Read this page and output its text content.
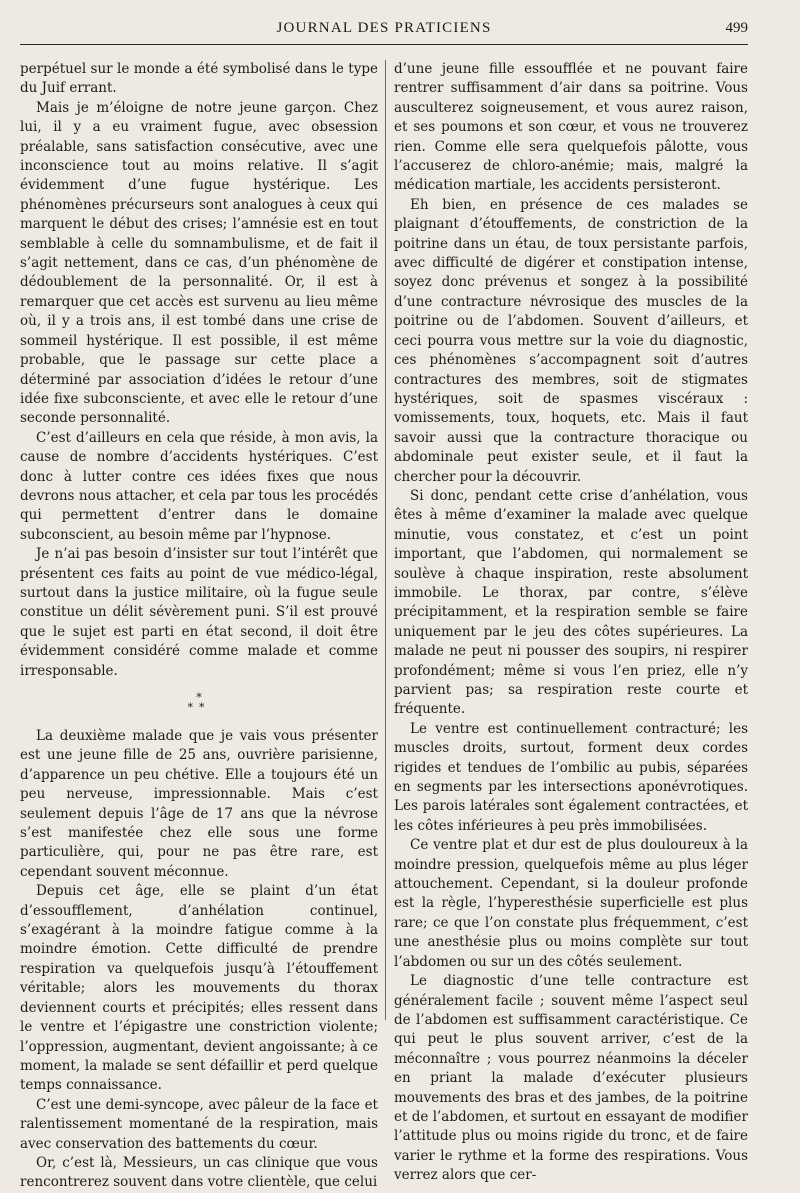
JOURNAL DES PRATICIENS	499

perpétuel sur le monde a été symbolisé dans le type du Juif errant.

Mais je m’éloigne de notre jeune garçon. Chez lui, il y a eu vraiment fugue, avec obsession préalable, sans satisfaction consécutive, avec une inconscience tout au moins relative. Il s’agit évidemment d’une fugue hystérique. Les phénomènes précurseurs sont analogues à ceux qui marquent le début des crises; l’amnésie est en tout semblable à celle du somnambulisme, et de fait il s’agit nettement, dans ce cas, d’un phénomène de dédoublement de la personnalité. Or, il est à remarquer que cet accès est survenu au lieu même où, il y a trois ans, il est tombé dans une crise de sommeil hystérique. Il est possible, il est même probable, que le passage sur cette place a déterminé par association d’idées le retour d’une idée fixe subconsciente, et avec elle le retour d’une seconde personnalité.

C’est d’ailleurs en cela que réside, à mon avis, la cause de nombre d’accidents hystériques. C’est donc à lutter contre ces idées fixes que nous devrons nous attacher, et cela par tous les procédés qui permettent d’entrer dans le domaine subconscient, au besoin même par l’hypnose.

Je n’ai pas besoin d’insister sur tout l’intérêt que présentent ces faits au point de vue médico-légal, surtout dans la justice militaire, où la fugue seule constitue un délit sévèrement puni. S’il est prouvé que le sujet est parti en état second, il doit être évidemment considéré comme malade et comme irresponsable.

*
**

La deuxième malade que je vais vous présenter est une jeune fille de 25 ans, ouvrière parisienne, d’apparence un peu chétive. Elle a toujours été un peu nerveuse, impressionnable. Mais c’est seulement depuis l’âge de 17 ans que la névrose s’est manifestée chez elle sous une forme particulière, qui, pour ne pas être rare, est cependant souvent méconnue.

Depuis cet âge, elle se plaint d’un état d’essoufflement, d’anhélation continuel, s’exagérant à la moindre fatigue comme à la moindre émotion. Cette difficulté de prendre respiration va quelquefois jusqu’à l’étouffement véritable; alors les mouvements du thorax deviennent courts et précipités; elles ressent dans le ventre et l’épigastre une constriction violente; l’oppression, augmentant, devient angoissante; à ce moment, la malade se sent défaillir et perd quelque temps connaissance.

C’est une demi-syncope, avec pâleur de la face et ralentissement momentané de la respiration, mais avec conservation des battements du cœur.

Or, c’est là, Messieurs, un cas clinique que vous rencontrerez souvent dans votre clientèle, que celui

d’une jeune fille essoufflée et ne pouvant faire rentrer suffisamment d’air dans sa poitrine. Vous ausculterez soigneusement, et vous aurez raison, et ses poumons et son cœur, et vous ne trouverez rien. Comme elle sera quelquefois pâlotte, vous l’accuserez de chloro-anémie; mais, malgré la médication martiale, les accidents persisteront.

Eh bien, en présence de ces malades se plaignant d’étouffements, de constriction de la poitrine dans un étau, de toux persistante parfois, avec difficulté de digérer et constipation intense, soyez donc prévenus et songez à la possibilité d’une contracture névrosique des muscles de la poitrine ou de l’abdomen. Souvent d’ailleurs, et ceci pourra vous mettre sur la voie du diagnostic, ces phénomènes s’accompagnent soit d’autres contractures des membres, soit de stigmates hystériques, soit de spasmes viscéraux : vomissements, toux, hoquets, etc. Mais il faut savoir aussi que la contracture thoracique ou abdominale peut exister seule, et il faut la chercher pour la découvrir.

Si donc, pendant cette crise d’anhélation, vous êtes à même d’examiner la malade avec quelque minutie, vous constatez, et c’est un point important, que l’abdomen, qui normalement se soulève à chaque inspiration, reste absolument immobile. Le thorax, par contre, s’élève précipitamment, et la respiration semble se faire uniquement par le jeu des côtes supérieures. La malade ne peut ni pousser des soupirs, ni respirer profondément; même si vous l’en priez, elle n’y parvient pas; sa respiration reste courte et fréquente.

Le ventre est continuellement contracturé; les muscles droits, surtout, forment deux cordes rigides et tendues de l’ombilic au pubis, séparées en segments par les intersections aponévrotiques. Les parois latérales sont également contractées, et les côtes inférieures à peu près immobilisées.

Ce ventre plat et dur est de plus douloureux à la moindre pression, quelquefois même au plus léger attouchement. Cependant, si la douleur profonde est la règle, l’hyperesthésie superficielle est plus rare; ce que l’on constate plus fréquemment, c’est une anesthésie plus ou moins complète sur tout l’abdomen ou sur un des côtés seulement.

Le diagnostic d’une telle contracture est généralement facile ; souvent même l’aspect seul de l’abdomen est suffisamment caractéristique. Ce qui peut le plus souvent arriver, c’est de la méconnaître ; vous pourrez néanmoins la déceler en priant la malade d’exécuter plusieurs mouvements des bras et des jambes, de la poitrine et de l’abdomen, et surtout en essayant de modifier l’attitude plus ou moins rigide du tronc, et de faire varier le rythme et la forme des respirations. Vous verrez alors que cer-
